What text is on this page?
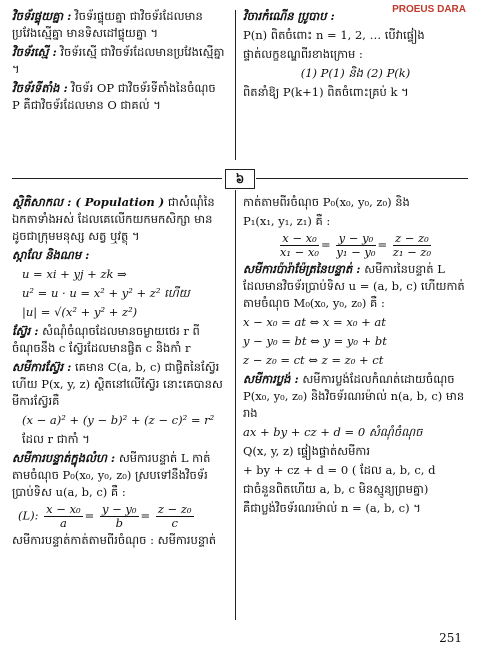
PROEUS DARA

វិចទ័រផ្ទុយគ្នា : វិចទ័រផ្ទុយគ្នា ជាវិចទ័រដែលមានប្រវែងស្មើគ្នា មានទិសដៅផ្ទុយគ្នា ។

វិចទ័រស្មើ : វិចទ័រស្មើ ជាវិចទ័រដែលមានប្រវែងស្មើគ្នា ។

វិចទ័រទីតាំង : វិចទ័រ OP ជាវិចទ័រទីតាំងនៃចំណុច P គឺជាវិចទ័រដែលមាន O ជាគល់ ។

វិចារកំណើន ប្រូបាប :

P(n) ពិតចំពោះ n = 1, 2, … បើវាផ្ទៀង

ផ្ទាត់លក្ខខណ្ឌពីរខាងក្រោម :

(1) P(1) និង (2) P(k)

ពិតនាំឱ្យ P(k+1) ពិតចំពោះគ្រប់ k ។

៦

ស្ថិតិសាកល : ( Population ) ជាសំណុំនៃឯកតាទាំងអស់ ដែលគេលើកយកមកសិក្សា មានដូចជាក្រុមមនុស្ស សត្វ ឬវត្ថុ ។

ស្កាលែ និងណម :

u = xi + yj + zk ⇒

u² = u · u = x² + y² + z² ហើយ

|u| = √(x² + y² + z²)

ស្វ៊ែរ : សំណុំចំណុចដែលមានចម្ងាយថេរ r ពីចំណុចនឹង c ស្វ៊ែរដែលមានផ្ចិត c និងកាំ r

សមីការស្វ៊ែរ : គេមាន C(a, b, c) ជាផ្ចិតនៃស្វ៊ែរ ហើយ P(x, y, z) ស្ថិតនៅលើស្វ៊ែរ នោះគេបានសមីការស្វ៊ែរគឺ

(x − a)² + (y − b)² + (z − c)² = r²

ដែល r ជាកាំ ។

សមីការបន្ទាត់ក្នុងលំហ : សមីការបន្ទាត់ L កាត់តាមចំណុច P₀(x₀, y₀, z₀) ស្របទៅនឹងវិចទ័រប្រាប់ទិស u(a, b, c) គឺ :

(L): $\frac{\text{x − x₀}}{a} = \frac{\text{y − y₀}}{b} = \frac{\text{z − z₀}}{c}$

សមីការបន្ទាត់កាត់តាមពីរចំណុច : សមីការបន្ទាត់

កាត់តាមពីរចំណុច P₀(x₀, y₀, z₀) និង

P₁(x₁, y₁, z₁) គឺ :

$\frac{\text{x − x₀}}{\text{x₁ − x₀}} = \frac{\text{y − y₀}}{\text{y₁ − y₀}} = \frac{\text{z − z₀}}{\text{z₁ − z₀}}$

សមីការប៉ារ៉ាម៉ែត្រនៃបន្ទាត់ : សមីការនៃបន្ទាត់ L ដែលមានវិចទ័រប្រាប់ទិស u = (a, b, c) ហើយកាត់តាមចំណុច M₀(x₀, y₀, z₀) គឺ :

x − x₀ = at ⇔ x = x₀ + at

y − y₀ = bt ⇔ y = y₀ + bt

z − z₀ = ct ⇔ z = z₀ + ct

សមីការប្លង់ : សមីការប្លង់ដែលកំណត់ដោយចំណុច P(x₀, y₀, z₀) និងវិចទ័រណរម៉ាល់ n(a, b, c) មានរាង

ax + by + cz + d = 0 សំណុំចំណុច

Q(x, y, z) ផ្ទៀងផ្ទាត់សមីការ

+ by + cz + d = 0 ( ដែល a, b, c, d

ជាចំនួនពិតហើយ a, b, c មិនស្មូន្យព្រមគ្នា)

គឺជាប្លង់វិចទ័រណរម៉ាល់ n = (a, b, c) ។

251
